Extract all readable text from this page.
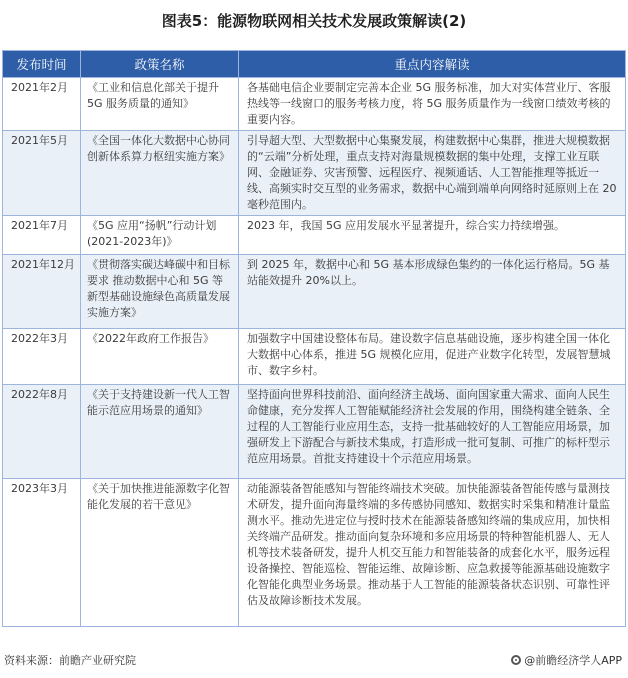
图表5：能源物联网相关技术发展政策解读(2)
发布时间	政策名称	重点内容解读
2021年2月	《工业和信息化部关于提升 5G 服务质量的通知》	各基础电信企业要制定完善本企业 5G 服务标准，加大对实体营业厅、客服热线等一线窗口的服务考核力度，将 5G 服务质量作为一线窗口绩效考核的重要内容。
2021年5月	《全国一体化大数据中心协同创新体系算力枢纽实施方案》	引导超大型、大型数据中心集聚发展，构建数据中心集群，推进大规模数据的“云端”分析处理，重点支持对海量规模数据的集中处理，支撑工业互联网、金融证券、灾害预警、远程医疗、视频通话、人工智能推理等抵近一线、高频实时交互型的业务需求，数据中心端到端单向网络时延原则上在 20 毫秒范围内。
2021年7月	《5G 应用“扬帆”行动计划(2021-2023年)》	2023 年，我国 5G 应用发展水平显著提升，综合实力持续增强。
2021年12月	《贯彻落实碳达峰碳中和目标要求 推动数据中心和 5G 等新型基础设施绿色高质量发展实施方案》	到 2025 年，数据中心和 5G 基本形成绿色集约的一体化运行格局。5G 基站能效提升 20%以上。
2022年3月	《2022年政府工作报告》	加强数字中国建设整体布局。建设数字信息基础设施，逐步构建全国一体化大数据中心体系，推进 5G 规模化应用，促进产业数字化转型，发展智慧城市、数字乡村。
2022年8月	《关于支持建设新一代人工智能示范应用场景的通知》	坚持面向世界科技前沿、面向经济主战场、面向国家重大需求、面向人民生命健康，充分发挥人工智能赋能经济社会发展的作用，围绕构建全链条、全过程的人工智能行业应用生态，支持一批基础较好的人工智能应用场景，加强研发上下游配合与新技术集成，打造形成一批可复制、可推广的标杆型示范应用场景。首批支持建设十个示范应用场景。
2023年3月	《关于加快推进能源数字化智能化发展的若干意见》	动能源装备智能感知与智能终端技术突破。加快能源装备智能传感与量测技术研发，提升面向海量终端的多传感协同感知、数据实时采集和精准计量监测水平。推动先进定位与授时技术在能源装备感知终端的集成应用，加快相关终端产品研发。推动面向复杂环境和多应用场景的特种智能机器人、无人机等技术装备研发，提升人机交互能力和智能装备的成套化水平，服务远程设备操控、智能巡检、智能运维、故障诊断、应急救援等能源基础设施数字化智能化典型业务场景。推动基于人工智能的能源装备状态识别、可靠性评估及故障诊断技术发展。
资料来源：前瞻产业研究院	@前瞻经济学人APP
